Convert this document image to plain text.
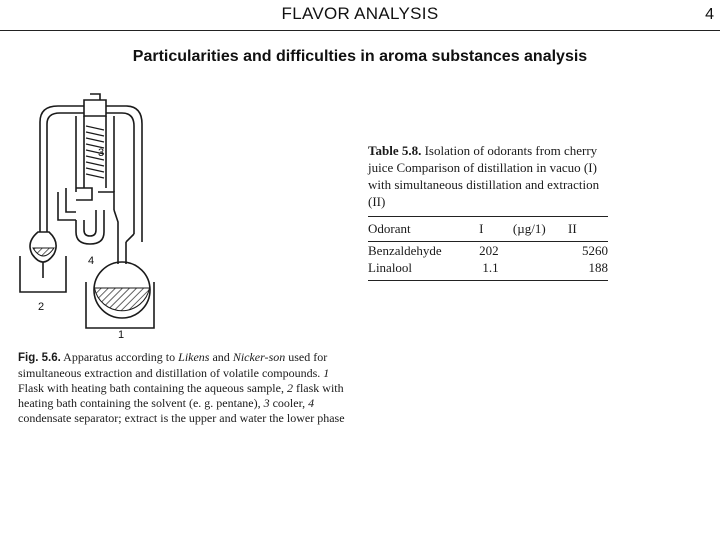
FLAVOR ANALYSIS	4
Particularities and difficulties in aroma substances analysis
3
4
2
1
Fig. 5.6. Apparatus according to Likens and Nicker-son used for simultaneous extraction and distillation of volatile compounds. 1 Flask with heating bath containing the aqueous sample, 2 flask with heating bath containing the solvent (e. g. pentane), 3 cooler, 4 condensate separator; extract is the upper and water the lower phase
Table 5.8. Isolation of odorants from cherry juice Comparison of distillation in vacuo (I) with simultaneous distillation and extraction (II)
Odorant	I	(µg/1)	II

Benzaldehyde	202		5260
Linalool	1.1		188
